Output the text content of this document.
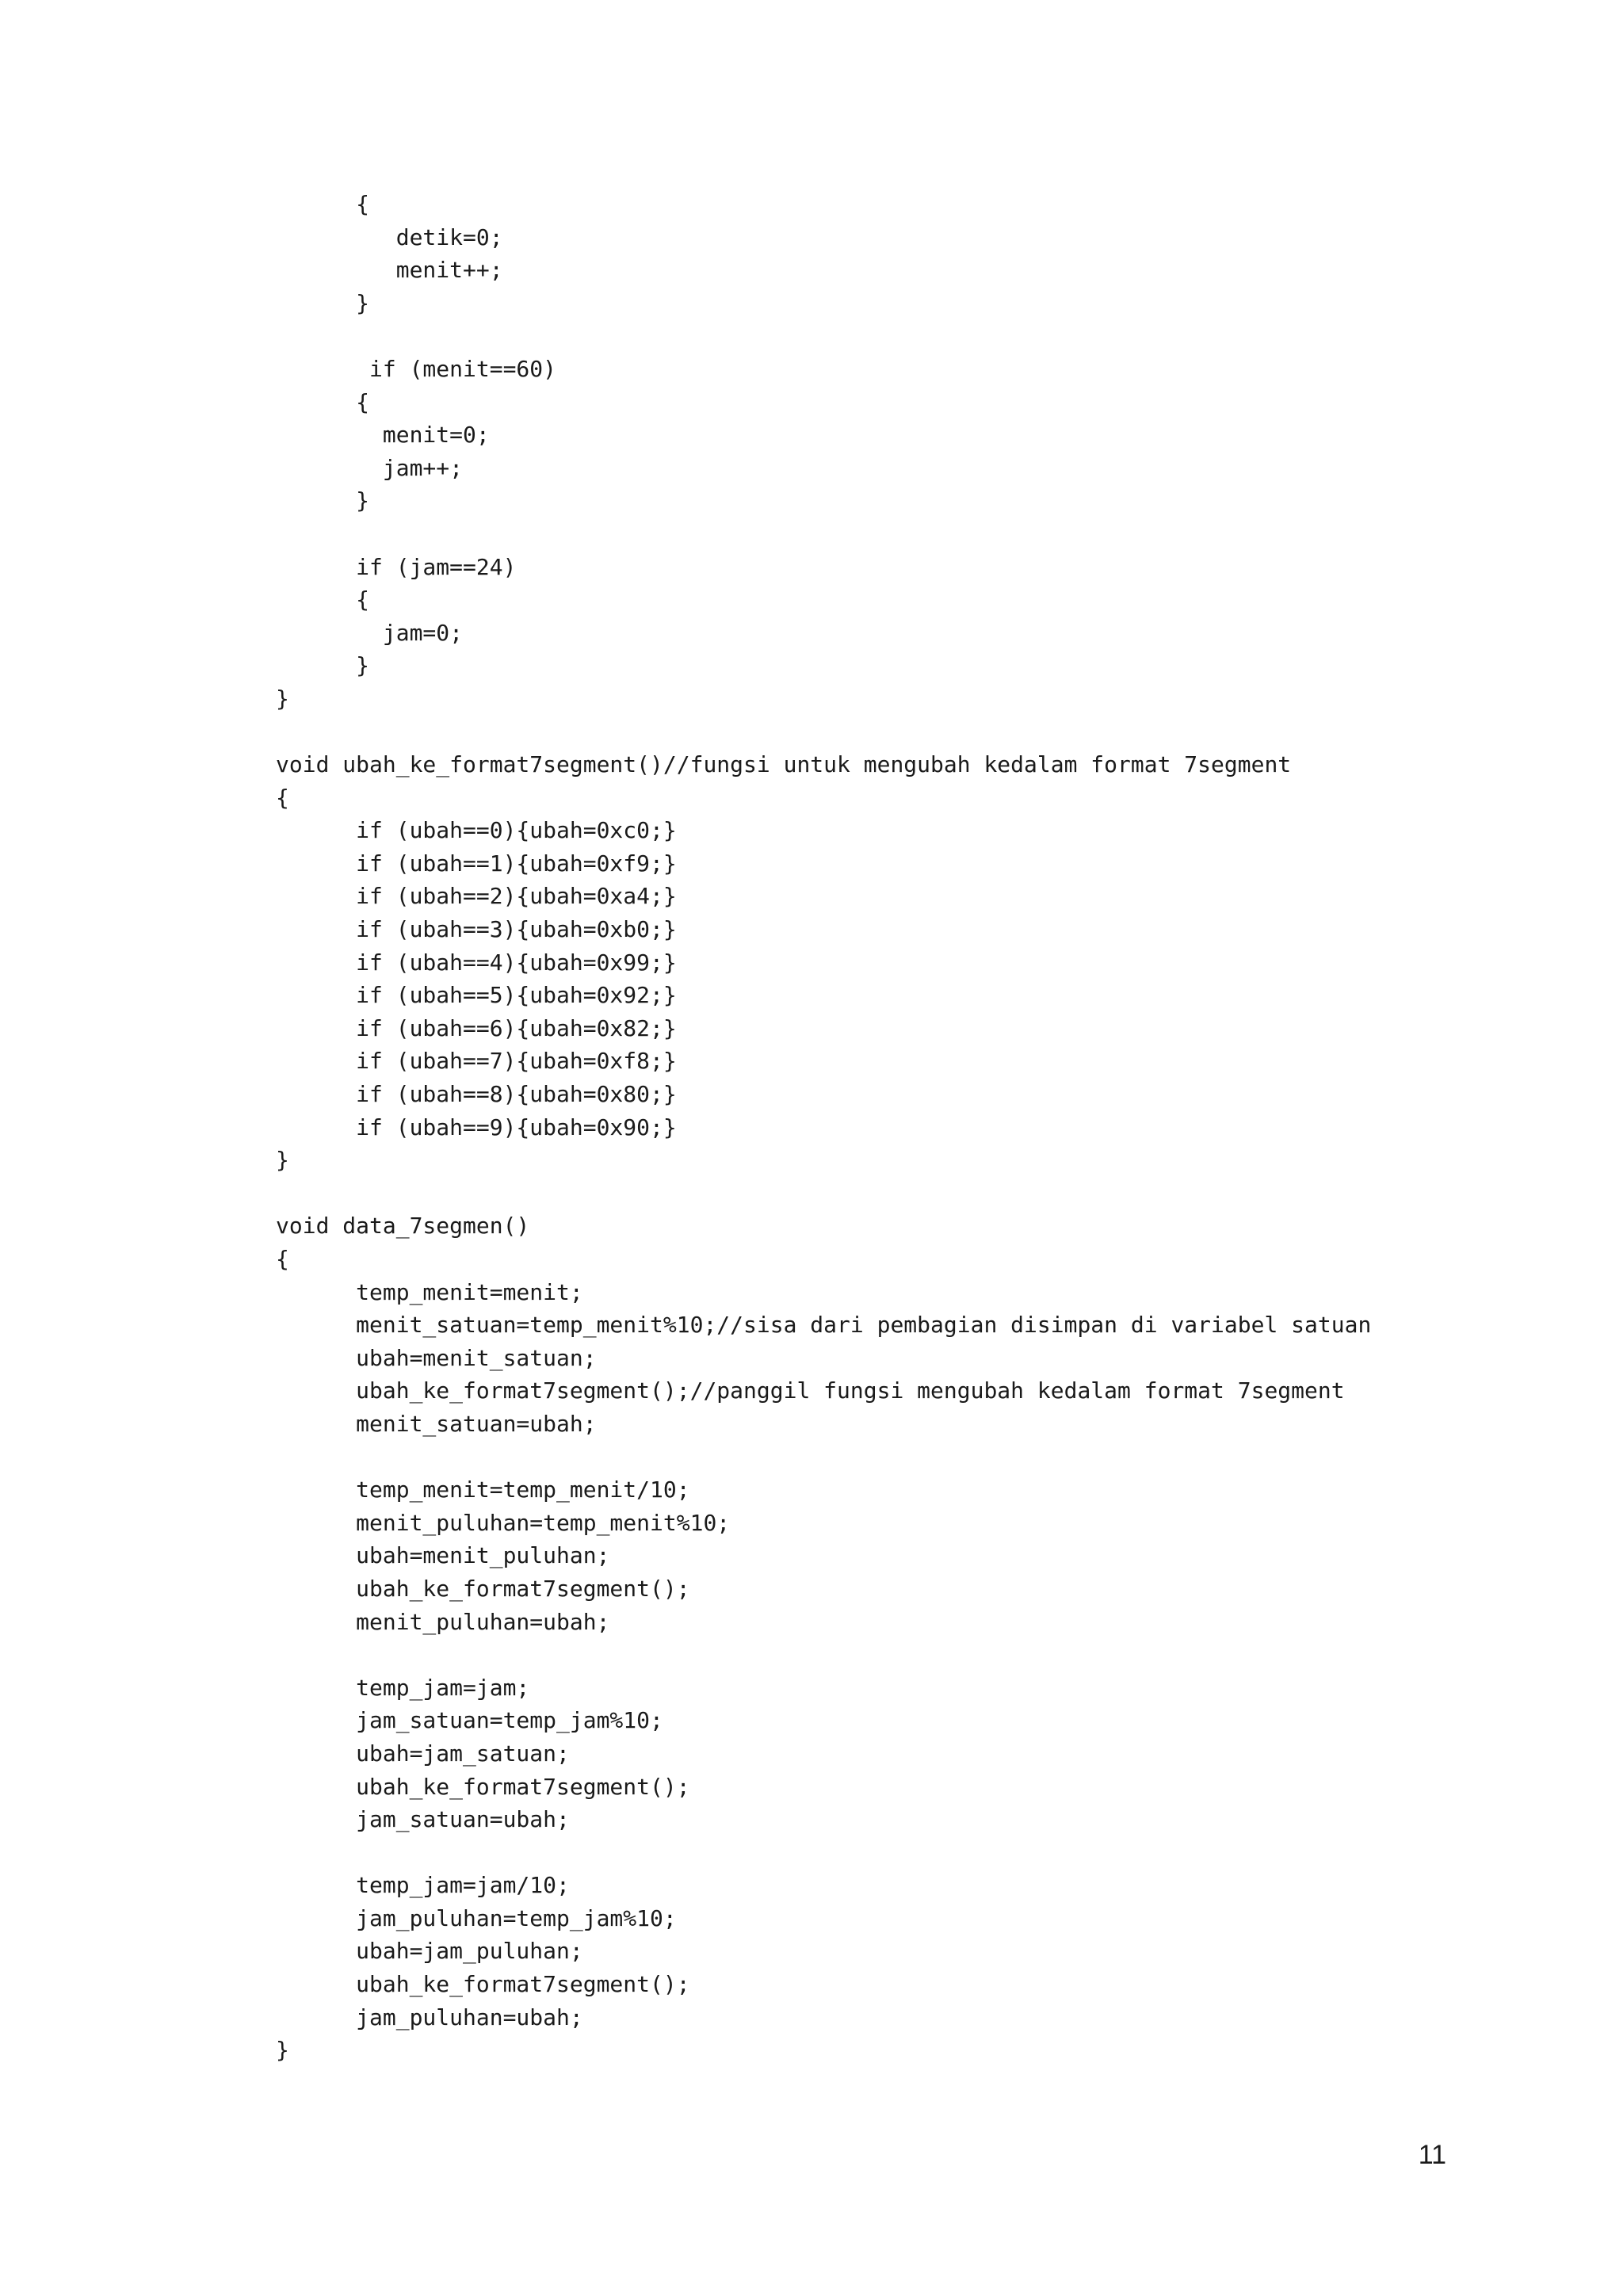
{
detik=0;
menit++;
}
if (menit==60)
{
menit=0;
jam++;
}
if (jam==24)
{
jam=0;
}
}
void ubah_ke_format7segment()//fungsi untuk mengubah kedalam format 7segment
{
if (ubah==0){ubah=0xc0;}
if (ubah==1){ubah=0xf9;}
if (ubah==2){ubah=0xa4;}
if (ubah==3){ubah=0xb0;}
if (ubah==4){ubah=0x99;}
if (ubah==5){ubah=0x92;}
if (ubah==6){ubah=0x82;}
if (ubah==7){ubah=0xf8;}
if (ubah==8){ubah=0x80;}
if (ubah==9){ubah=0x90;}
}
void data_7segmen()
{
temp_menit=menit;
menit_satuan=temp_menit%10;//sisa dari pembagian disimpan di variabel satuan
ubah=menit_satuan;
ubah_ke_format7segment();//panggil fungsi mengubah kedalam format 7segment
menit_satuan=ubah;
temp_menit=temp_menit/10;
menit_puluhan=temp_menit%10;
ubah=menit_puluhan;
ubah_ke_format7segment();
menit_puluhan=ubah;
temp_jam=jam;
jam_satuan=temp_jam%10;
ubah=jam_satuan;
ubah_ke_format7segment();
jam_satuan=ubah;
temp_jam=jam/10;
jam_puluhan=temp_jam%10;
ubah=jam_puluhan;
ubah_ke_format7segment();
jam_puluhan=ubah;
}
11
